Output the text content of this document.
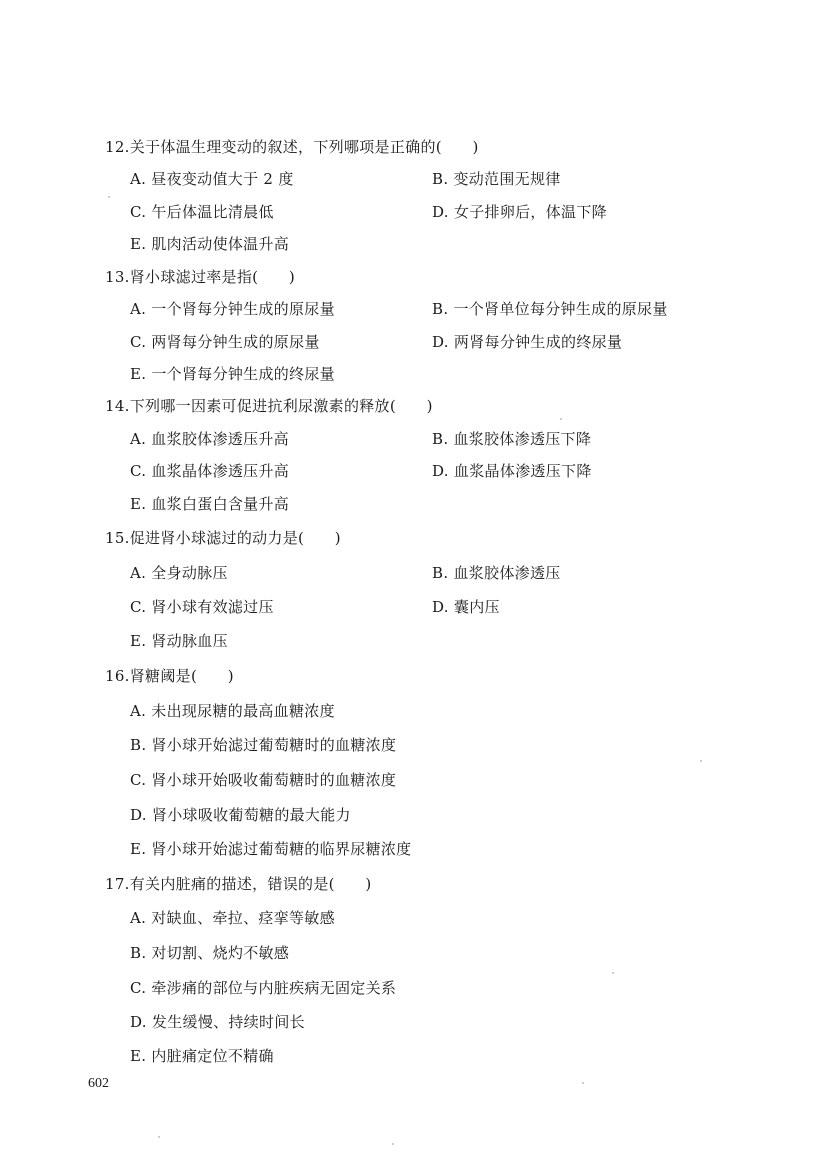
12.关于体温生理变动的叙述，下列哪项是正确的(　　)
A. 昼夜变动值大于 2 度	B. 变动范围无规律
C. 午后体温比清晨低	D. 女子排卵后，体温下降
E. 肌肉活动使体温升高
13.肾小球滤过率是指(　　)
A. 一个肾每分钟生成的原尿量	B. 一个肾单位每分钟生成的原尿量
C. 两肾每分钟生成的原尿量	D. 两肾每分钟生成的终尿量
E. 一个肾每分钟生成的终尿量
14.下列哪一因素可促进抗利尿激素的释放(　　)
A. 血浆胶体渗透压升高	B. 血浆胶体渗透压下降
C. 血浆晶体渗透压升高	D. 血浆晶体渗透压下降
E. 血浆白蛋白含量升高
15.促进肾小球滤过的动力是(　　)
A. 全身动脉压	B. 血浆胶体渗透压
C. 肾小球有效滤过压	D. 囊内压
E. 肾动脉血压
16.肾糖阈是(　　)
A. 未出现尿糖的最高血糖浓度
B. 肾小球开始滤过葡萄糖时的血糖浓度
C. 肾小球开始吸收葡萄糖时的血糖浓度
D. 肾小球吸收葡萄糖的最大能力
E. 肾小球开始滤过葡萄糖的临界尿糖浓度
17.有关内脏痛的描述，错误的是(　　)
A. 对缺血、牵拉、痉挛等敏感
B. 对切割、烧灼不敏感
C. 牵涉痛的部位与内脏疾病无固定关系
D. 发生缓慢、持续时间长
E. 内脏痛定位不精确
602
